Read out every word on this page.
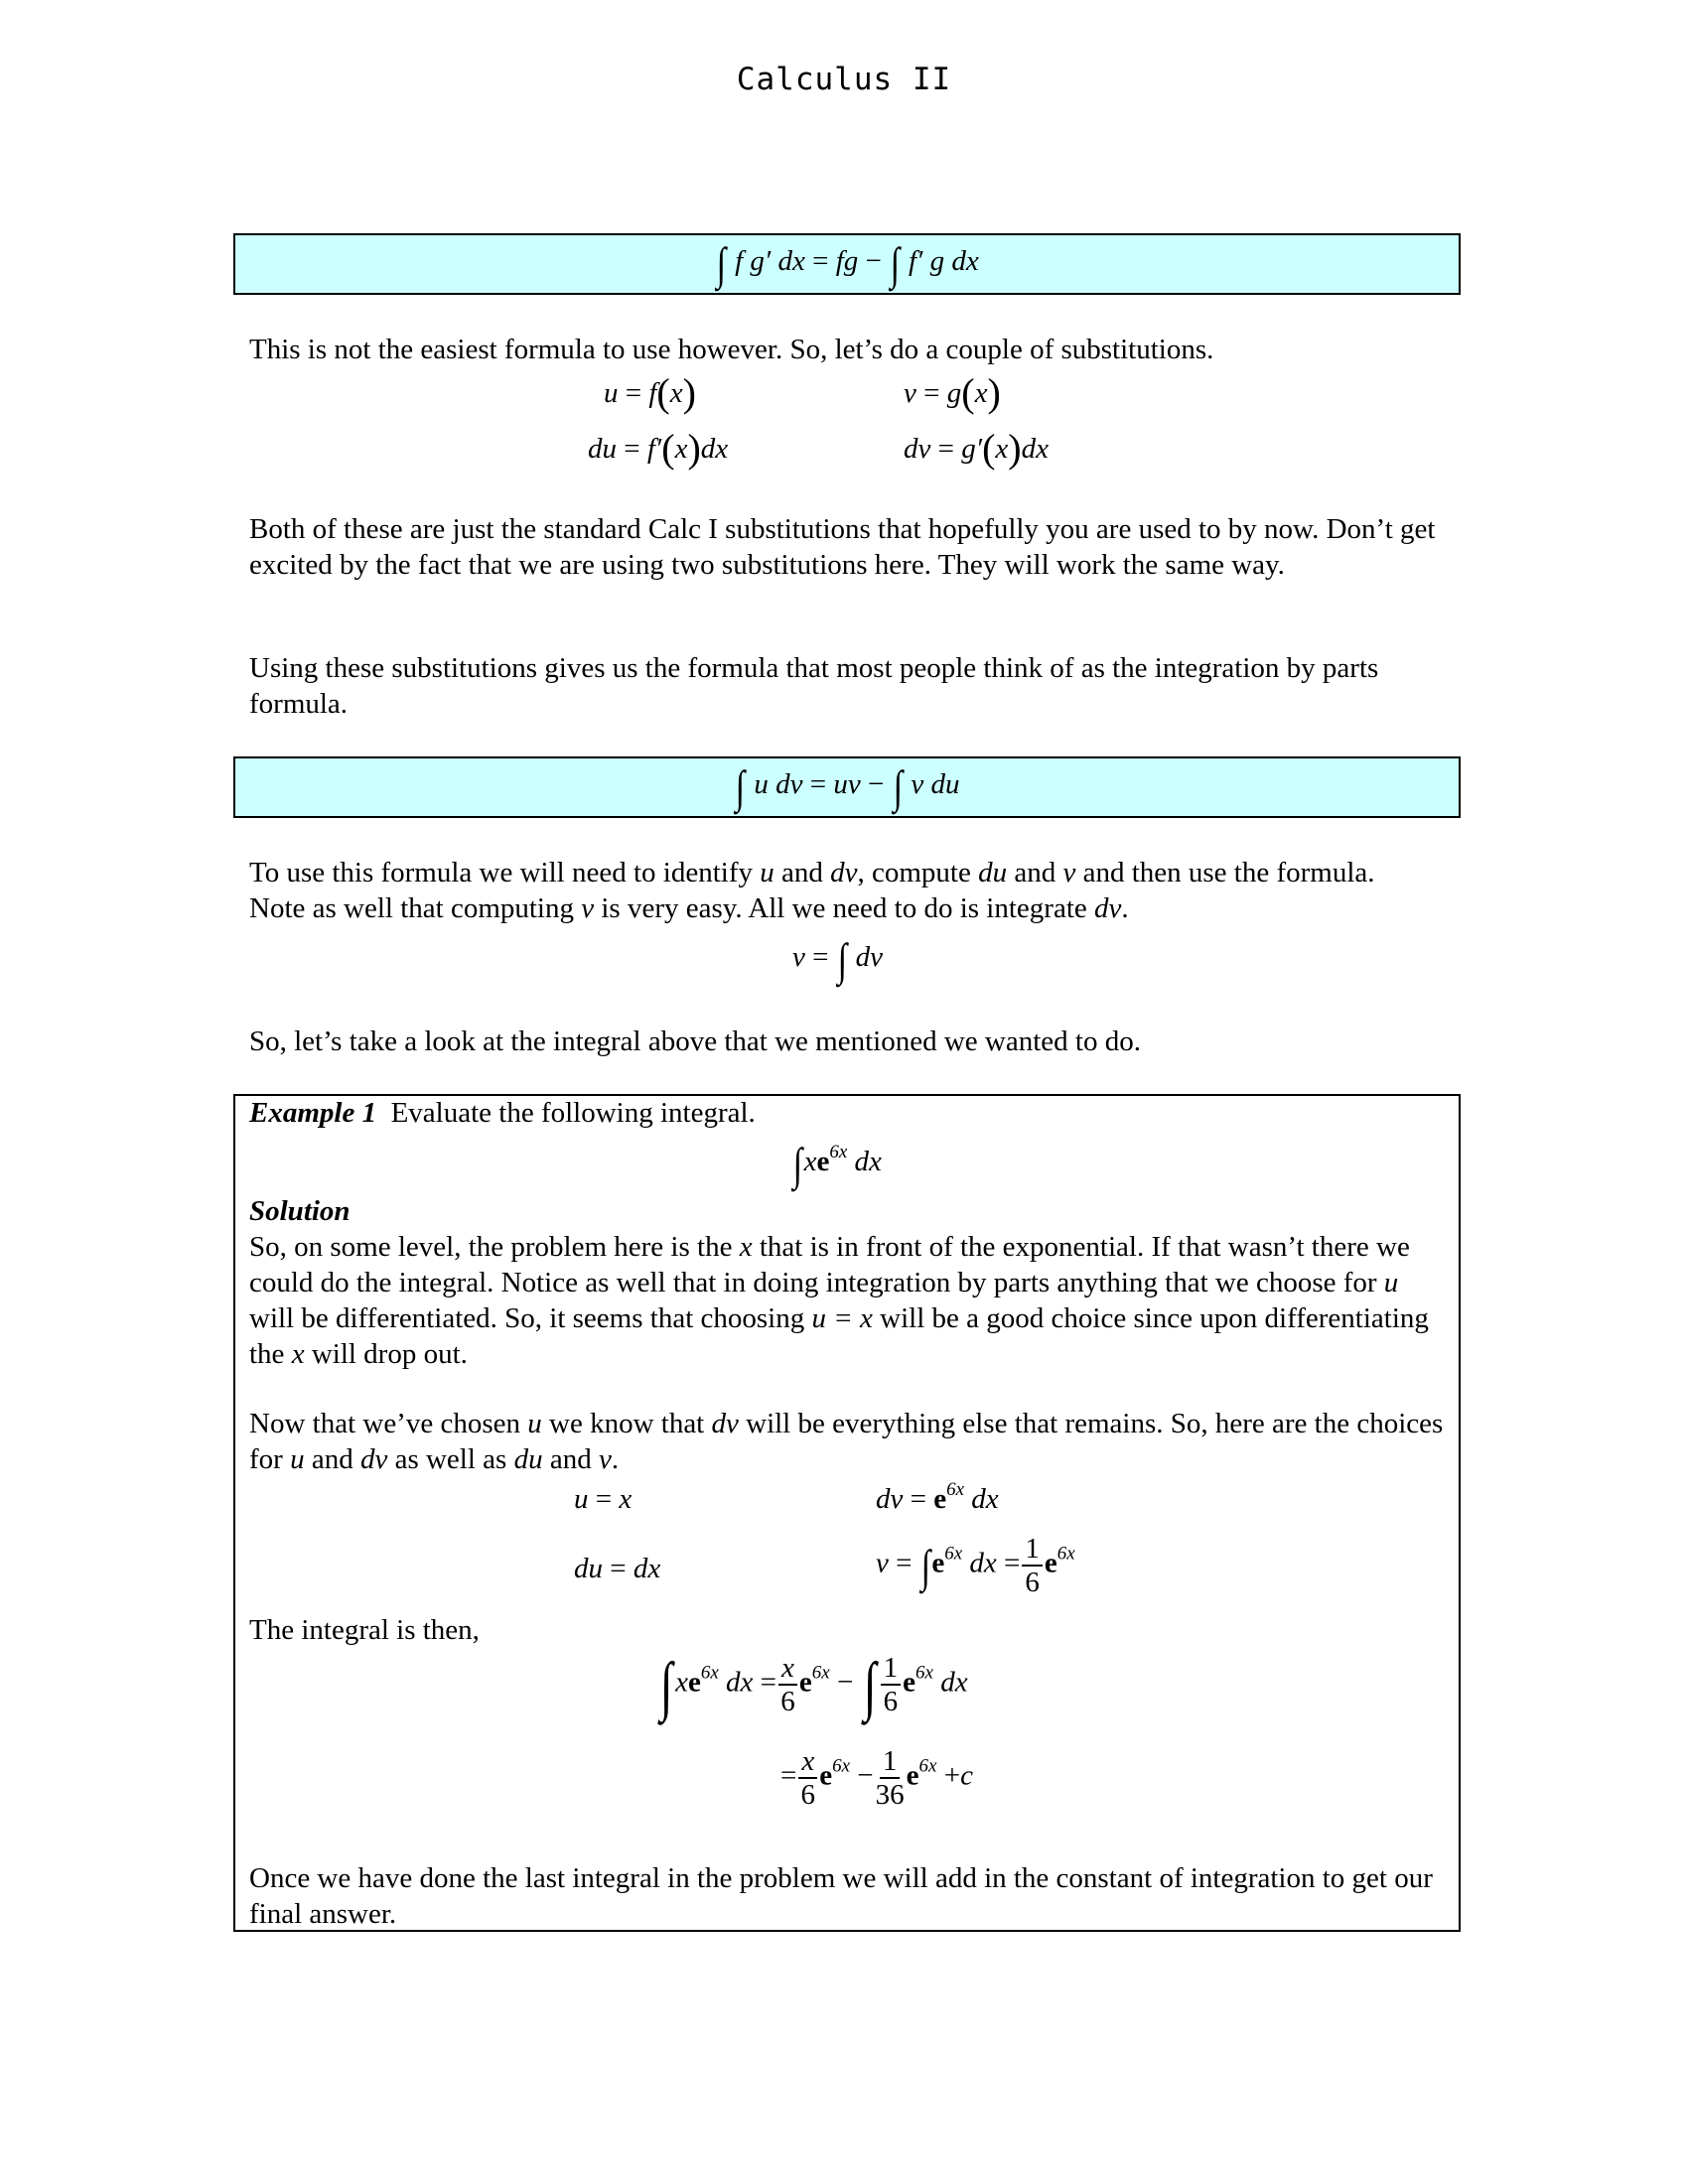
Calculus II
∫ f g′ dx = fg − ∫ f′ g dx
This is not the easiest formula to use however. So, let’s do a couple of substitutions.
u = f(x)	v = g(x)
du = f′(x)dx	dv = g′(x)dx
Both of these are just the standard Calc I substitutions that hopefully you are used to by now. Don’t get excited by the fact that we are using two substitutions here. They will work the same way.
Using these substitutions gives us the formula that most people think of as the integration by parts formula.
∫ u dv = uv − ∫ v du
To use this formula we will need to identify u and dv, compute du and v and then use the formula.
Note as well that computing v is very easy. All we need to do is integrate dv.
v = ∫ dv
So, let’s take a look at the integral above that we mentioned we wanted to do.
Example 1 Evaluate the following integral.
$\int xe^{6x}$ dx
Solution
So, on some level, the problem here is the x that is in front of the exponential. If that wasn’t there we could do the integral. Notice as well that in doing integration by parts anything that we choose for u will be differentiated. So, it seems that choosing u = x will be a good choice since upon differentiating the x will drop out.
Now that we’ve chosen u we know that dv will be everything else that remains. So, here are the choices for u and dv as well as du and v.
u = x	dv = $e^{6x}$ dx
du = dx	$v = \int e^{6x}$ dx = $\frac{1}{6} e^{6x}$
The integral is then,
$\int xe^{6x}$ dx = $\frac{x}{6} e^{6x}$ − ∫ $\frac{1}{6} e^{6x}$ dx
= $\frac{x}{6} e^{6x} - \frac{1}{36} e^{6x} +c$
Once we have done the last integral in the problem we will add in the constant of integration to get our final answer.
